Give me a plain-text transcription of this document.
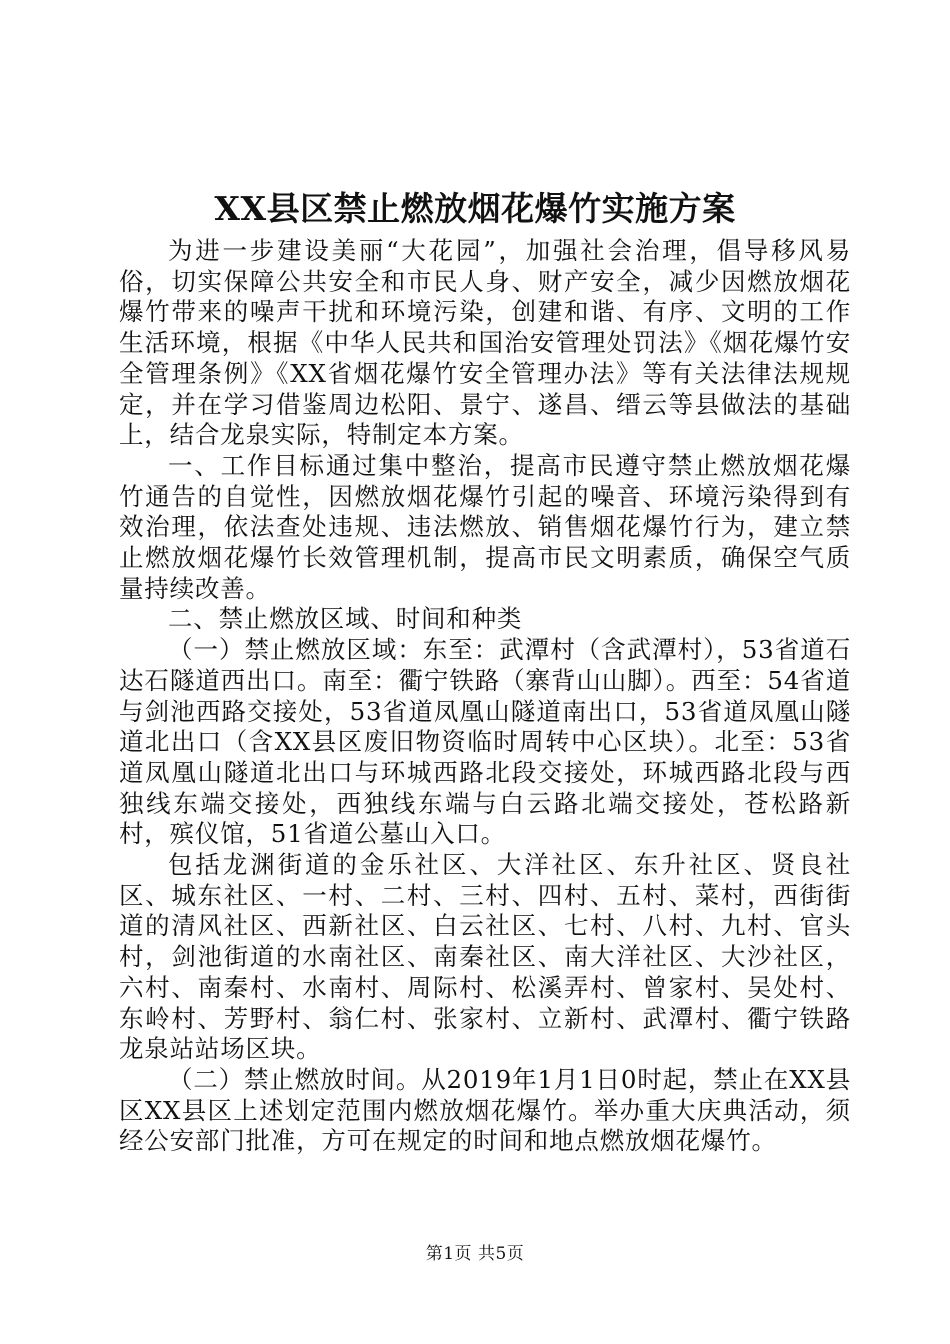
XX县区禁止燃放烟花爆竹实施方案

为进一步建设美丽“大花园”，加强社会治理，倡导移风易俗，切实保障公共安全和市民人身、财产安全，减少因燃放烟花爆竹带来的噪声干扰和环境污染，创建和谐、有序、文明的工作生活环境，根据《中华人民共和国治安管理处罚法》《烟花爆竹安全管理条例》《XX省烟花爆竹安全管理办法》等有关法律法规规定，并在学习借鉴周边松阳、景宁、遂昌、缙云等县做法的基础上，结合龙泉实际，特制定本方案。

一、工作目标通过集中整治，提高市民遵守禁止燃放烟花爆竹通告的自觉性，因燃放烟花爆竹引起的噪音、环境污染得到有效治理，依法查处违规、违法燃放、销售烟花爆竹行为，建立禁止燃放烟花爆竹长效管理机制，提高市民文明素质，确保空气质量持续改善。

二、禁止燃放区域、时间和种类

（一）禁止燃放区域：东至：武潭村（含武潭村），53省道石达石隧道西出口。南至：衢宁铁路（寨背山山脚）。西至：54省道与剑池西路交接处，53省道凤凰山隧道南出口，53省道凤凰山隧道北出口（含XX县区废旧物资临时周转中心区块）。北至：53省道凤凰山隧道北出口与环城西路北段交接处，环城西路北段与西独线东端交接处，西独线东端与白云路北端交接处，苍松路新村，殡仪馆，51省道公墓山入口。

包括龙渊街道的金乐社区、大洋社区、东升社区、贤良社区、城东社区、一村、二村、三村、四村、五村、菜村，西街街道的清风社区、西新社区、白云社区、七村、八村、九村、官头村，剑池街道的水南社区、南秦社区、南大洋社区、大沙社区，六村、南秦村、水南村、周际村、松溪弄村、曾家村、吴处村、东岭村、芳野村、翁仁村、张家村、立新村、武潭村、衢宁铁路龙泉站站场区块。

（二）禁止燃放时间。从2019年1月1日0时起，禁止在XX县区XX县区上述划定范围内燃放烟花爆竹。举办重大庆典活动，须经公安部门批准，方可在规定的时间和地点燃放烟花爆竹。

第1页 共5页
